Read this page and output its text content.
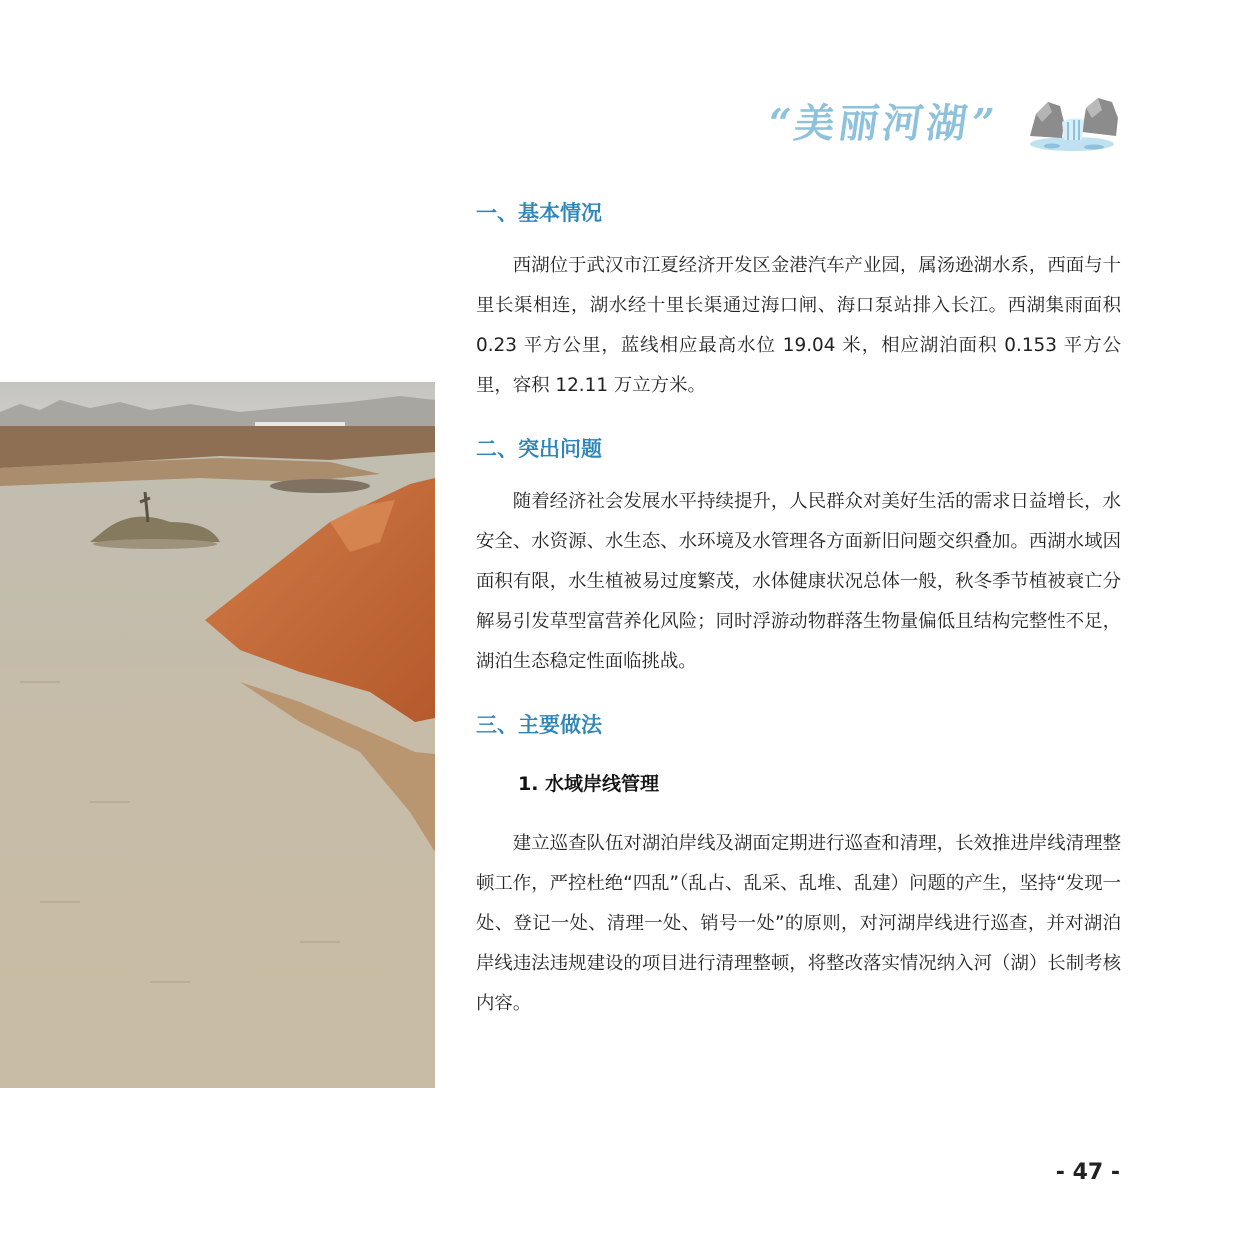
“美丽河湖”
一、基本情况

西湖位于武汉市江夏经济开发区金港汽车产业园，属汤逊湖水系，西面与十里长渠相连，湖水经十里长渠通过海口闸、海口泵站排入长江。西湖集雨面积 0.23 平方公里，蓝线相应最高水位 19.04 米，相应湖泊面积 0.153 平方公里，容积 12.11 万立方米。

二、突出问题

随着经济社会发展水平持续提升，人民群众对美好生活的需求日益增长，水安全、水资源、水生态、水环境及水管理各方面新旧问题交织叠加。西湖水域因面积有限，水生植被易过度繁茂，水体健康状况总体一般，秋冬季节植被衰亡分解易引发草型富营养化风险；同时浮游动物群落生物量偏低且结构完整性不足，湖泊生态稳定性面临挑战。

三、主要做法
1. 水域岸线管理

建立巡查队伍对湖泊岸线及湖面定期进行巡查和清理，长效推进岸线清理整顿工作，严控杜绝“四乱”（乱占、乱采、乱堆、乱建）问题的产生，坚持“发现一处、登记一处、清理一处、销号一处”的原则，对河湖岸线进行巡查，并对湖泊岸线违法违规建设的项目进行清理整顿，将整改落实情况纳入河（湖）长制考核内容。

- 47 -
